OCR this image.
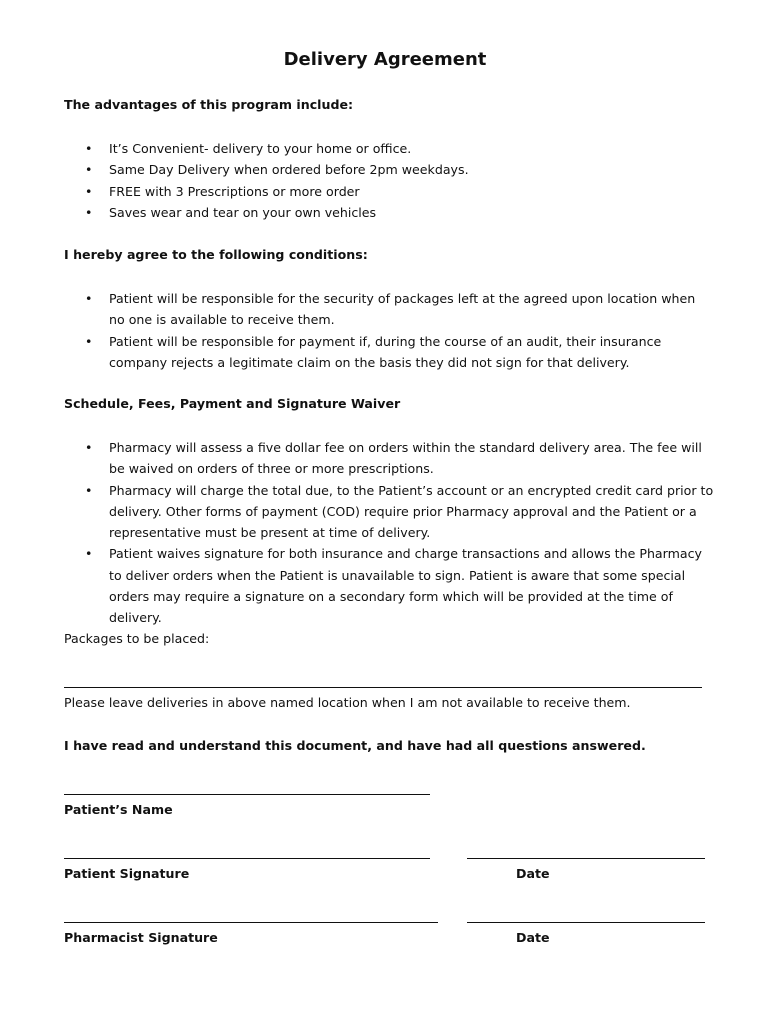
Delivery Agreement
The advantages of this program include:
• It’s Convenient- delivery to your home or office.
• Same Day Delivery when ordered before 2pm weekdays.
• FREE with 3 Prescriptions or more order
• Saves wear and tear on your own vehicles
I hereby agree to the following conditions:
• Patient will be responsible for the security of packages left at the agreed upon location when no one is available to receive them.
• Patient will be responsible for payment if, during the course of an audit, their insurance company rejects a legitimate claim on the basis they did not sign for that delivery.
Schedule, Fees, Payment and Signature Waiver
• Pharmacy will assess a five dollar fee on orders within the standard delivery area. The fee will be waived on orders of three or more prescriptions.
• Pharmacy will charge the total due, to the Patient’s account or an encrypted credit card prior to delivery. Other forms of payment (COD) require prior Pharmacy approval and the Patient or a representative must be present at time of delivery.
• Patient waives signature for both insurance and charge transactions and allows the Pharmacy to deliver orders when the Patient is unavailable to sign. Patient is aware that some special orders may require a signature on a secondary form which will be provided at the time of delivery.
Packages to be placed:
Please leave deliveries in above named location when I am not available to receive them.
I have read and understand this document, and have had all questions answered.
Patient’s Name
Patient Signature	Date
Pharmacist Signature	Date
